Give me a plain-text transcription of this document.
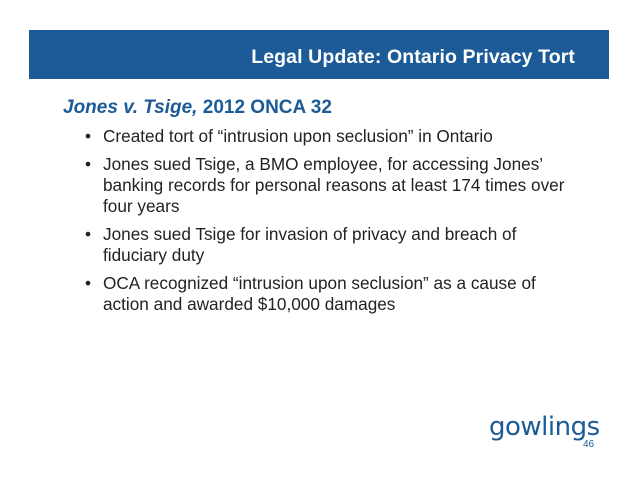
Legal Update: Ontario Privacy Tort
Jones v. Tsige, 2012 ONCA 32
• Created tort of “intrusion upon seclusion” in Ontario
• Jones sued Tsige, a BMO employee, for accessing Jones’ banking records for personal reasons at least 174 times over four years
• Jones sued Tsige for invasion of privacy and breach of fiduciary duty
• OCA recognized “intrusion upon seclusion” as a cause of action and awarded $10,000 damages
gowlings
46
